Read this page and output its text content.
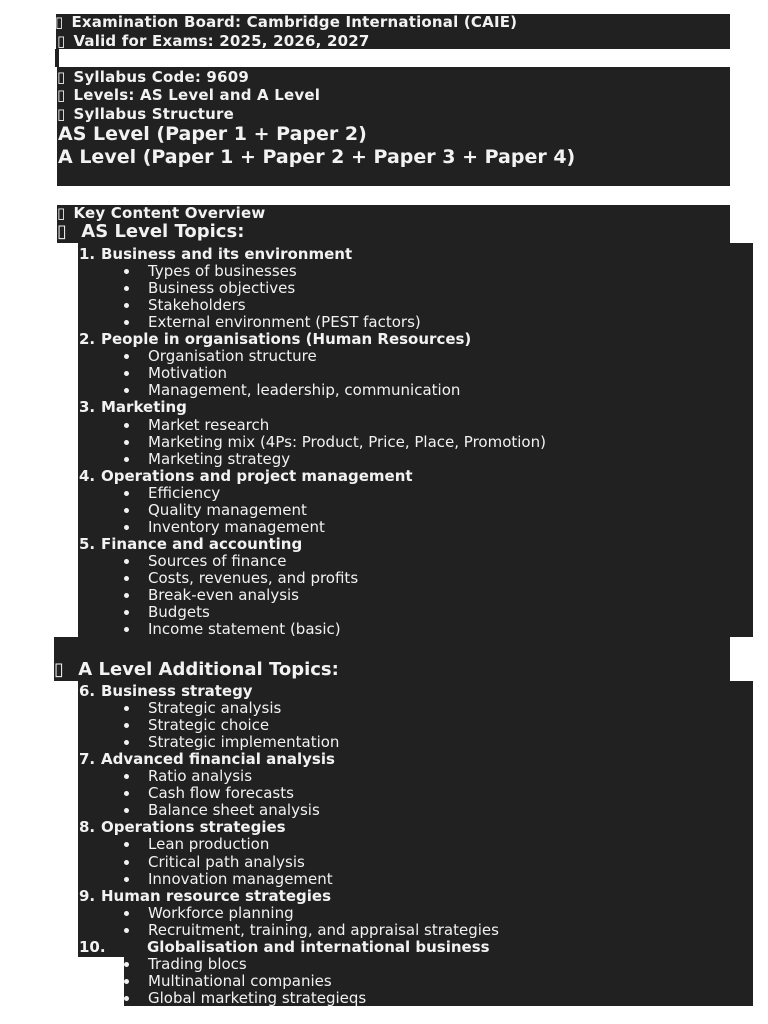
▯ Examination Board: Cambridge International (CAIE)
▯ Valid for Exams: 2025, 2026, 2027
▯ Syllabus Code: 9609
▯ Levels: AS Level and A Level
▯ Syllabus Structure
AS Level (Paper 1 + Paper 2)
A Level (Paper 1 + Paper 2 + Paper 3 + Paper 4)
▯ Key Content Overview
▯ AS Level Topics:
1. Business and its environment
Types of businesses
Business objectives
Stakeholders
External environment (PEST factors)
2. People in organisations (Human Resources)
Organisation structure
Motivation
Management, leadership, communication
3. Marketing
Market research
Marketing mix (4Ps: Product, Price, Place, Promotion)
Marketing strategy
4. Operations and project management
Efficiency
Quality management
Inventory management
5. Finance and accounting
Sources of finance
Costs, revenues, and profits
Break-even analysis
Budgets
Income statement (basic)
▯ A Level Additional Topics:
6. Business strategy
Strategic analysis
Strategic choice
Strategic implementation
7. Advanced financial analysis
Ratio analysis
Cash flow forecasts
Balance sheet analysis
8. Operations strategies
Lean production
Critical path analysis
Innovation management
9. Human resource strategies
Workforce planning
Recruitment, training, and appraisal strategies
10.	Globalisation and international business
Trading blocs
Multinational companies
Global marketing strategieqs
